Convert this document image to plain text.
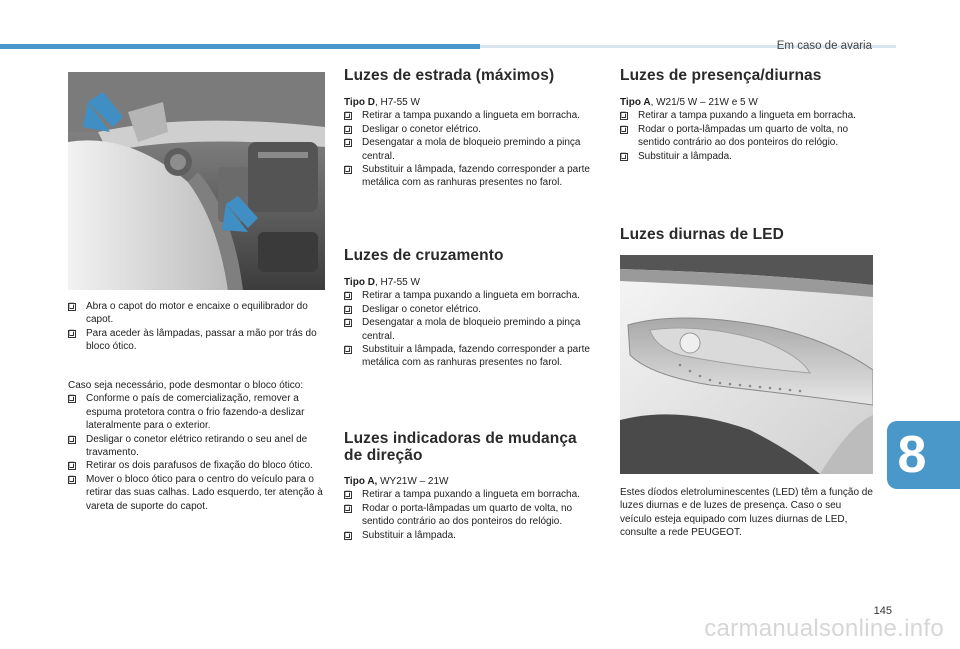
Em caso de avaria
Abra o capot do motor e encaixe o equilibrador do capot.
Para aceder às lâmpadas, passar a mão por trás do bloco ótico.

Caso seja necessário, pode desmontar o bloco ótico:

Conforme o país de comercialização, remover a espuma protetora contra o frio fazendo-a deslizar lateralmente para o exterior.
Desligar o conetor elétrico retirando o seu anel de travamento.
Retirar os dois parafusos de fixação do bloco ótico.
Mover o bloco ótico para o centro do veículo para o retirar das suas calhas. Lado esquerdo, ter atenção à vareta de suporte do capot.
Luzes de estrada (máximos)

Tipo D, H7-55 W

Retirar a tampa puxando a lingueta em borracha.
Desligar o conetor elétrico.
Desengatar a mola de bloqueio premindo a pinça central.
Substituir a lâmpada, fazendo corresponder a parte metálica com as ranhuras presentes no farol.
Luzes de cruzamento

Tipo D, H7-55 W

Retirar a tampa puxando a lingueta em borracha.
Desligar o conetor elétrico.
Desengatar a mola de bloqueio premindo a pinça central.
Substituir a lâmpada, fazendo corresponder a parte metálica com as ranhuras presentes no farol.
Luzes indicadoras de mudança
de direção

Tipo A, WY21W – 21W

Retirar a tampa puxando a lingueta em borracha.
Rodar o porta-lâmpadas um quarto de volta, no sentido contrário ao dos ponteiros do relógio.
Substituir a lâmpada.
Luzes de presença/diurnas

Tipo A, W21/5 W – 21W e 5 W

Retirar a tampa puxando a lingueta em borracha.
Rodar o porta-lâmpadas um quarto de volta, no sentido contrário ao dos ponteiros do relógio.
Substituir a lâmpada.
Luzes diurnas de LED

Estes díodos eletroluminescentes (LED) têm a função de luzes diurnas e de luzes de presença. Caso o seu veículo esteja equipado com luzes diurnas de LED, consulte a rede PEUGEOT.

8
145
carmanualsonline.info
